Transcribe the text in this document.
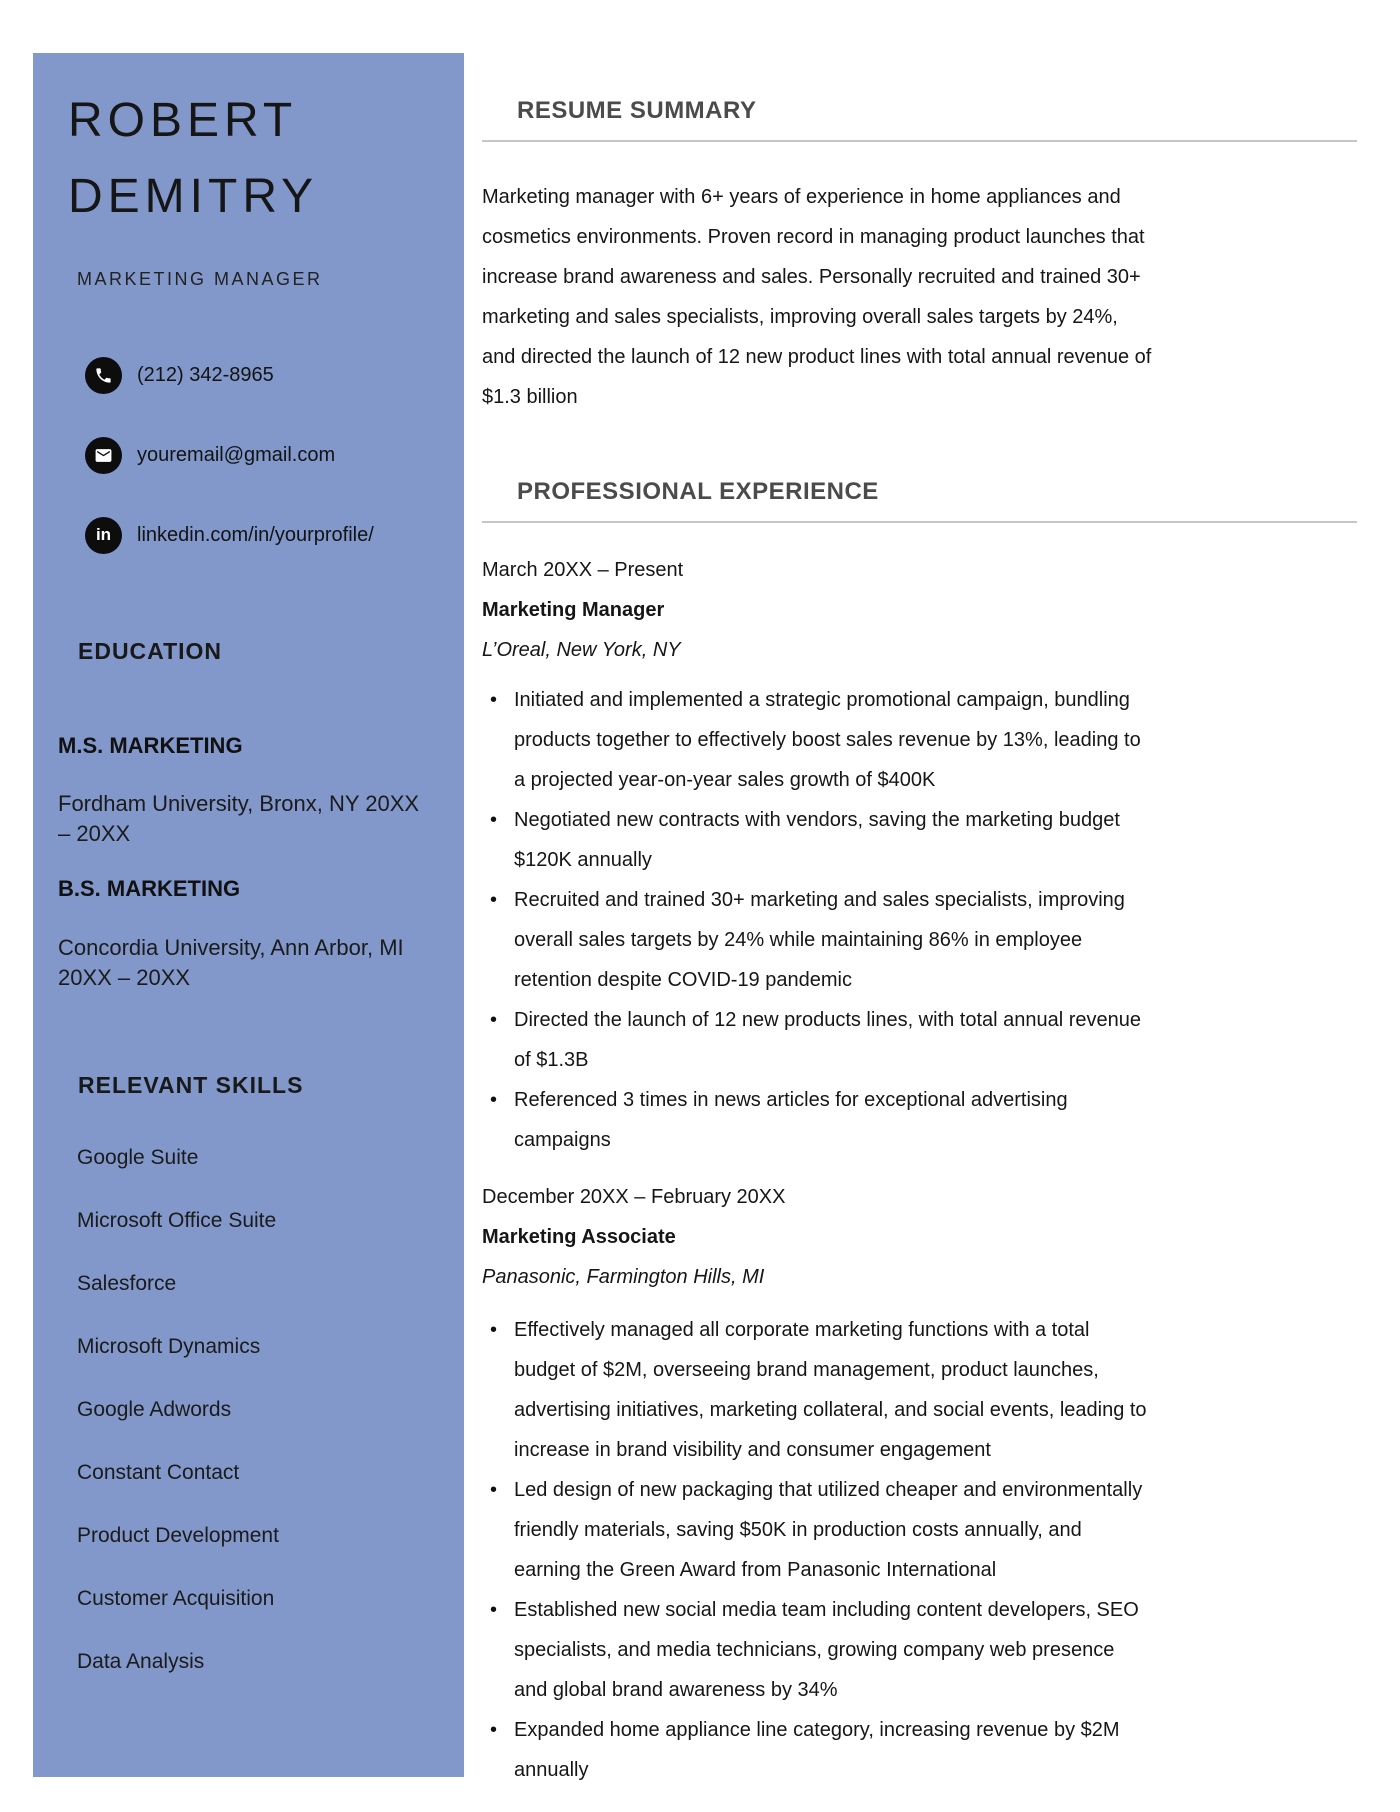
ROBERT
DEMITRY
MARKETING MANAGER
(212) 342-8965
youremail@gmail.com
in linkedin.com/in/yourprofile/
EDUCATION
M.S. MARKETING
Fordham University, Bronx, NY 20XX – 20XX
B.S. MARKETING
Concordia University, Ann Arbor, MI 20XX – 20XX
RELEVANT SKILLS
Google Suite
Microsoft Office Suite
Salesforce
Microsoft Dynamics
Google Adwords
Constant Contact
Product Development
Customer Acquisition
Data Analysis
RESUME SUMMARY

Marketing manager with 6+ years of experience in home appliances and cosmetics environments. Proven record in managing product launches that increase brand awareness and sales. Personally recruited and trained 30+ marketing and sales specialists, improving overall sales targets by 24%, and directed the launch of 12 new product lines with total annual revenue of $1.3 billion

PROFESSIONAL EXPERIENCE
March 20XX – Present
Marketing Manager
L’Oreal, New York, NY
• Initiated and implemented a strategic promotional campaign, bundling products together to effectively boost sales revenue by 13%, leading to a projected year-on-year sales growth of $400K
• Negotiated new contracts with vendors, saving the marketing budget $120K annually
• Recruited and trained 30+ marketing and sales specialists, improving overall sales targets by 24% while maintaining 86% in employee retention despite COVID-19 pandemic
• Directed the launch of 12 new products lines, with total annual revenue of $1.3B
• Referenced 3 times in news articles for exceptional advertising campaigns
December 20XX – February 20XX
Marketing Associate
Panasonic, Farmington Hills, MI
• Effectively managed all corporate marketing functions with a total budget of $2M, overseeing brand management, product launches, advertising initiatives, marketing collateral, and social events, leading to increase in brand visibility and consumer engagement
• Led design of new packaging that utilized cheaper and environmentally friendly materials, saving $50K in production costs annually, and earning the Green Award from Panasonic International
• Established new social media team including content developers, SEO specialists, and media technicians, growing company web presence and global brand awareness by 34%
• Expanded home appliance line category, increasing revenue by $2M annually
